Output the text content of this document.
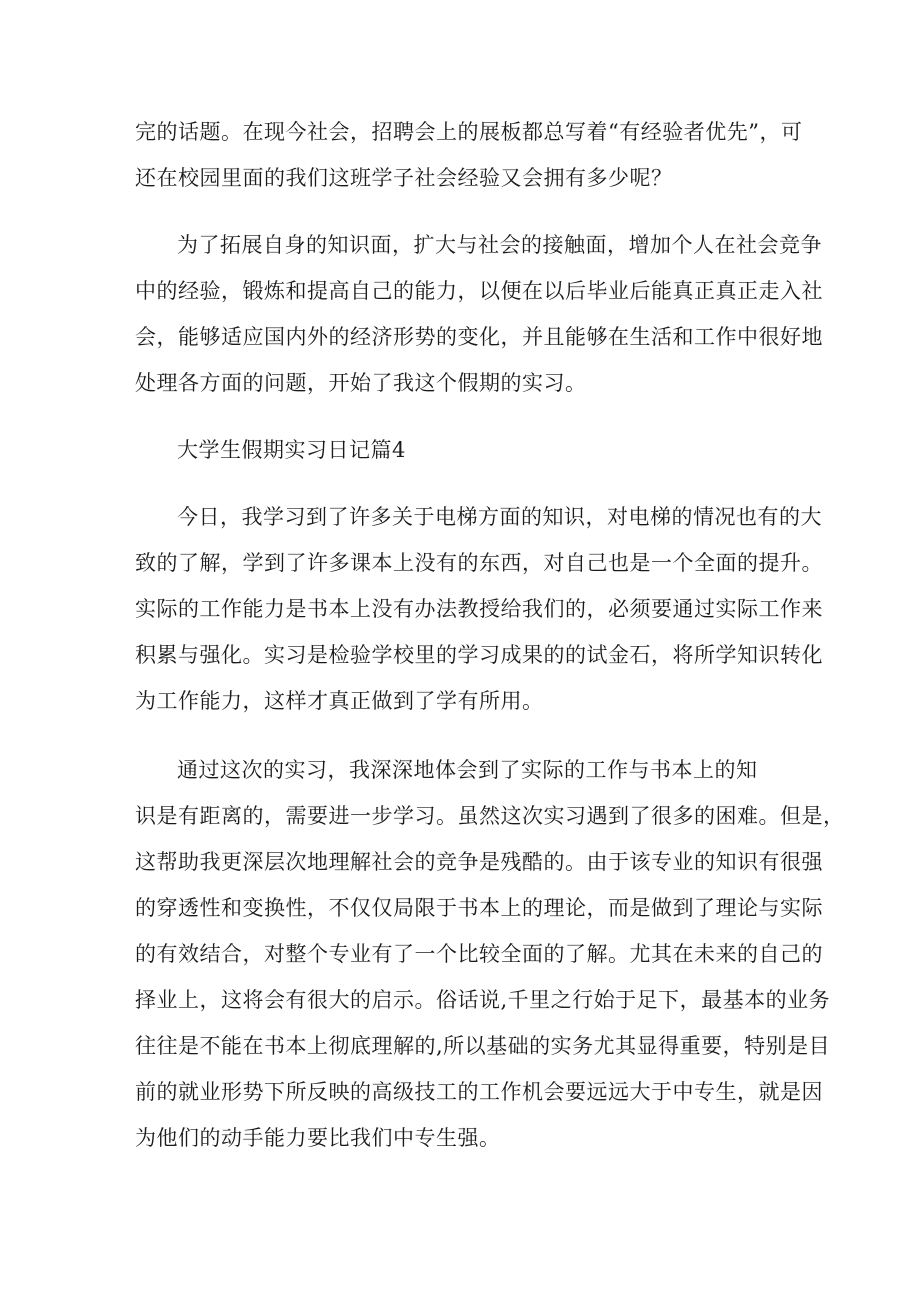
完的话题。在现今社会，招聘会上的展板都总写着“有经验者优先”，可
还在校园里面的我们这班学子社会经验又会拥有多少呢？
为了拓展自身的知识面，扩大与社会的接触面，增加个人在社会竞争
中的经验，锻炼和提高自己的能力，以便在以后毕业后能真正真正走入社
会，能够适应国内外的经济形势的变化，并且能够在生活和工作中很好地
处理各方面的问题，开始了我这个假期的实习。
大学生假期实习日记篇4
今日，我学习到了许多关于电梯方面的知识，对电梯的情况也有的大
致的了解，学到了许多课本上没有的东西，对自己也是一个全面的提升。
实际的工作能力是书本上没有办法教授给我们的，必须要通过实际工作来
积累与强化。实习是检验学校里的学习成果的的试金石，将所学知识转化
为工作能力，这样才真正做到了学有所用。
通过这次的实习，我深深地体会到了实际的工作与书本上的知
识是有距离的，需要进一步学习。虽然这次实习遇到了很多的困难。但是，
这帮助我更深层次地理解社会的竞争是残酷的。由于该专业的知识有很强
的穿透性和变换性，不仅仅局限于书本上的理论，而是做到了理论与实际
的有效结合，对整个专业有了一个比较全面的了解。尤其在未来的自己的
择业上，这将会有很大的启示。俗话说,千里之行始于足下，最基本的业务
往往是不能在书本上彻底理解的,所以基础的实务尤其显得重要，特别是目
前的就业形势下所反映的高级技工的工作机会要远远大于中专生，就是因
为他们的动手能力要比我们中专生强。
